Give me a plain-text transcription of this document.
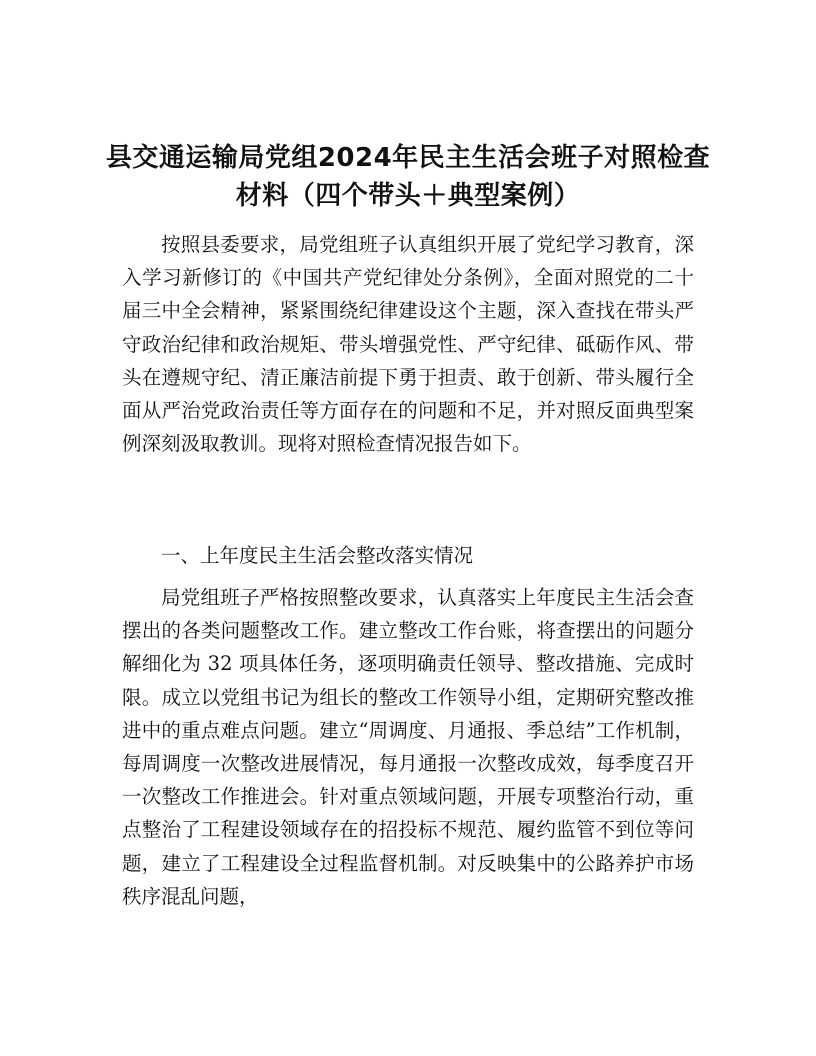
县交通运输局党组2024年民主生活会班子对照检查材料（四个带头＋典型案例）

按照县委要求，局党组班子认真组织开展了党纪学习教育，深入学习新修订的《中国共产党纪律处分条例》，全面对照党的二十届三中全会精神，紧紧围绕纪律建设这个主题，深入查找在带头严守政治纪律和政治规矩、带头增强党性、严守纪律、砥砺作风、带头在遵规守纪、清正廉洁前提下勇于担责、敢于创新、带头履行全面从严治党政治责任等方面存在的问题和不足，并对照反面典型案例深刻汲取教训。现将对照检查情况报告如下。

一、上年度民主生活会整改落实情况

局党组班子严格按照整改要求，认真落实上年度民主生活会查摆出的各类问题整改工作。建立整改工作台账，将查摆出的问题分解细化为 32 项具体任务，逐项明确责任领导、整改措施、完成时限。成立以党组书记为组长的整改工作领导小组，定期研究整改推进中的重点难点问题。建立“周调度、月通报、季总结”工作机制，每周调度一次整改进展情况，每月通报一次整改成效，每季度召开一次整改工作推进会。针对重点领域问题，开展专项整治行动，重点整治了工程建设领域存在的招投标不规范、履约监管不到位等问题，建立了工程建设全过程监督机制。对反映集中的公路养护市场秩序混乱问题，
